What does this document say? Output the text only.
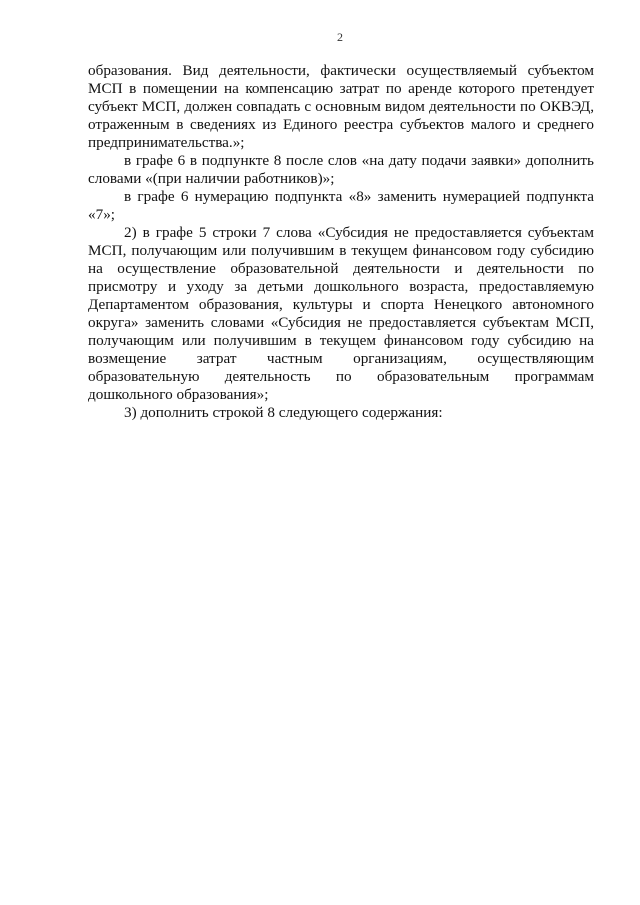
2

образования. Вид деятельности, фактически осуществляемый субъектом МСП в помещении на компенсацию затрат по аренде которого претендует субъект МСП, должен совпадать с основным видом деятельности по ОКВЭД, отраженным в сведениях из Единого реестра субъектов малого и среднего предпринимательства.»;

в графе 6 в подпункте 8 после слов «на дату подачи заявки» дополнить словами «(при наличии работников)»;

в графе 6 нумерацию подпункта «8» заменить нумерацией подпункта «7»;

2) в графе 5 строки 7 слова «Субсидия не предоставляется субъектам МСП, получающим или получившим в текущем финансовом году субсидию на осуществление образовательной деятельности и деятельности по присмотру и уходу за детьми дошкольного возраста, предоставляемую Департаментом образования, культуры и спорта Ненецкого автономного округа» заменить словами «Субсидия не предоставляется субъектам МСП, получающим или получившим в текущем финансовом году субсидию на возмещение затрат частным организациям, осуществляющим образовательную деятельность по образовательным программам дошкольного образования»;

3) дополнить строкой 8 следующего содержания:
